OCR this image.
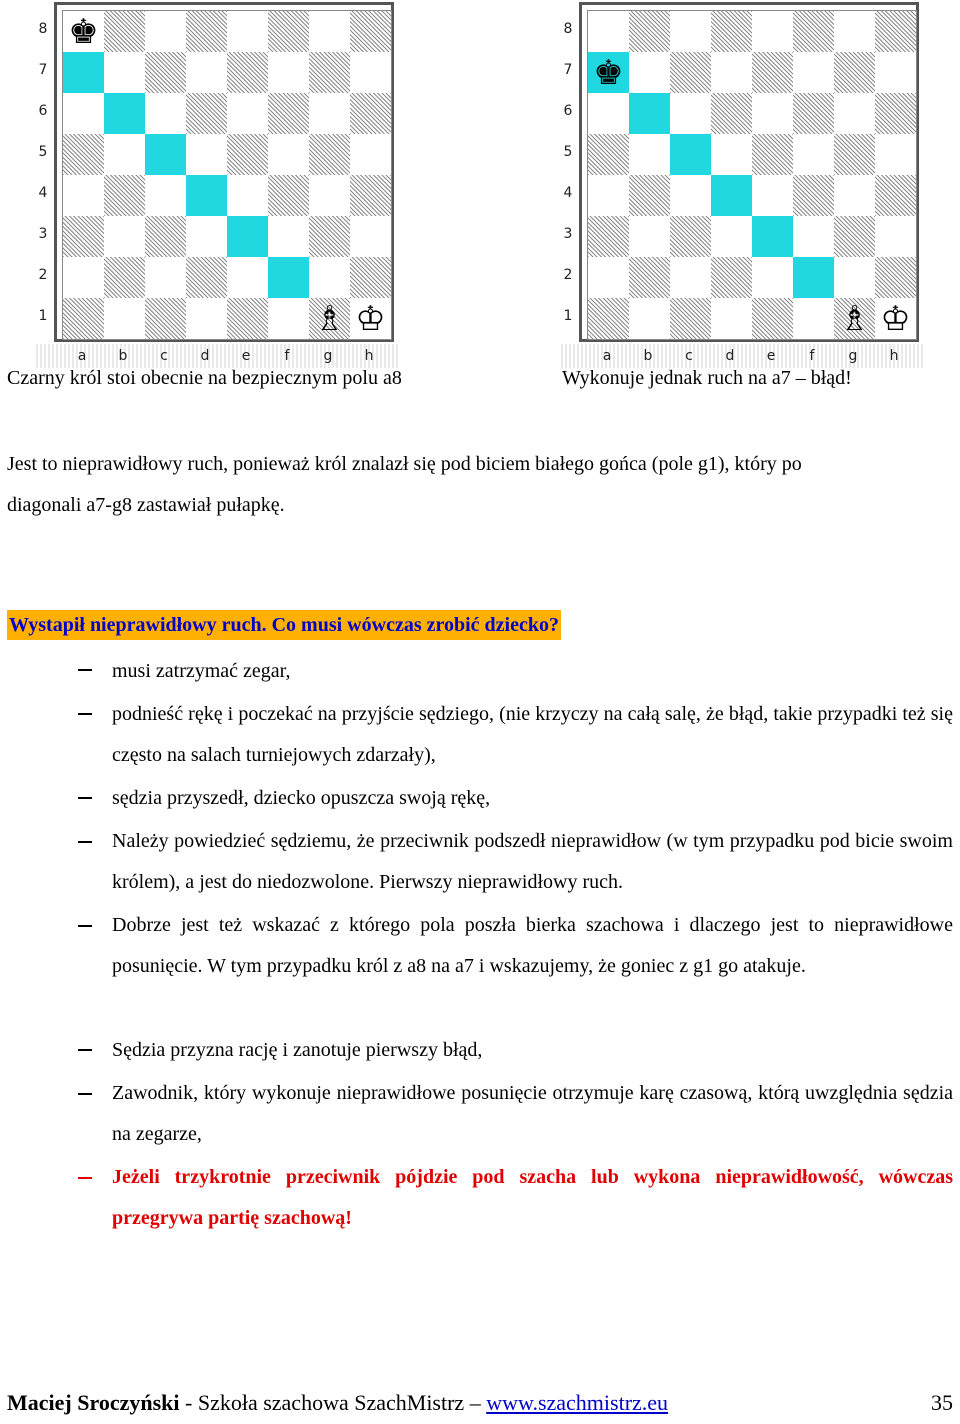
♚
♗ ♔
8
7
6
5
4
3
2
1
a b c d e	f	g h
♚
♗ ♔
8
7
6
5
4
3
2
1
a b c d e	f	g h
Czarny król stoi obecnie na bezpiecznym polu a8	Wykonuje jednak ruch na a7 – błąd!
Jest to nieprawidłowy ruch, ponieważ król znalazł się pod biciem białego gońca (pole g1), który po
diagonali a7-g8 zastawiał pułapkę.
Wystapił nieprawidłowy ruch. Co musi wówczas zrobić dziecko?
musi zatrzymać zegar,
podnieść rękę i poczekać na przyjście sędziego, (nie krzyczy na całą salę, że błąd, takie przypadki też się często na salach turniejowych zdarzały),
sędzia przyszedł, dziecko opuszcza swoją rękę,
Należy powiedzieć sędziemu, że przeciwnik podszedł nieprawidłow (w tym przypadku pod bicie swoim królem), a jest do niedozwolone. Pierwszy nieprawidłowy ruch.
Dobrze jest też wskazać z którego pola poszła bierka szachowa i dlaczego jest to nieprawidłowe posunięcie. W tym przypadku król z a8 na a7 i wskazujemy, że goniec z g1 go atakuje.
Sędzia przyzna rację i zanotuje pierwszy błąd,
Zawodnik, który wykonuje nieprawidłowe posunięcie otrzymuje karę czasową, którą uwzględnia sędzia na zegarze,
Jeżeli trzykrotnie przeciwnik pójdzie pod szacha lub wykona nieprawidłowość, wówczas przegrywa partię szachową!
Maciej Sroczyński - Szkoła szachowa SzachMistrz – www.szachmistrz.eu	35
